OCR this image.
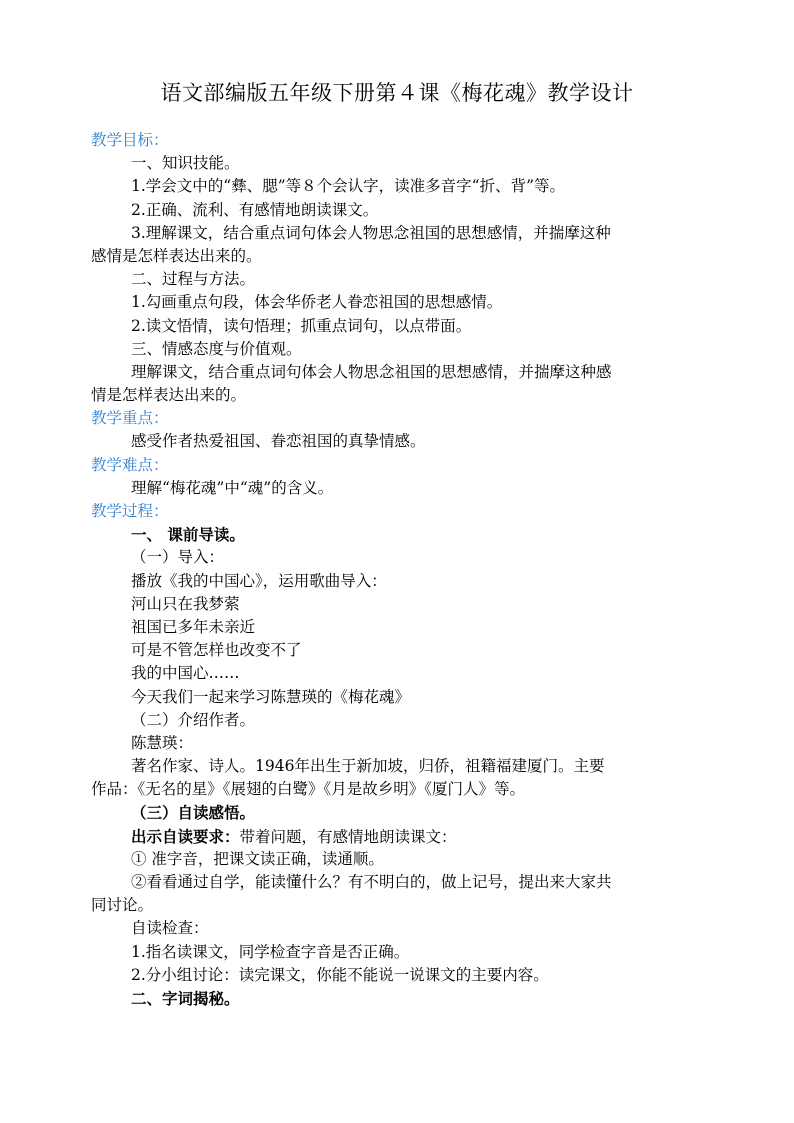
语文部编版五年级下册第４课《梅花魂》教学设计
教学目标：
一、知识技能。
1.学会文中的“彝、腮”等８个会认字，读准多音字“折、背”等。
2.正确、流利、有感情地朗读课文。
3.理解课文，结合重点词句体会人物思念祖国的思想感情，并揣摩这种
感情是怎样表达出来的。
二、过程与方法。
1.勾画重点句段，体会华侨老人眷恋祖国的思想感情。
2.读文悟情，读句悟理；抓重点词句，以点带面。
三、情感态度与价值观。
理解课文，结合重点词句体会人物思念祖国的思想感情，并揣摩这种感
情是怎样表达出来的。
教学重点：
感受作者热爱祖国、眷恋祖国的真挚情感。
教学难点：
理解“梅花魂”中“魂”的含义。
教学过程：
一、 课前导读。
（一）导入：
播放《我的中国心》，运用歌曲导入：
河山只在我梦萦
祖国已多年未亲近
可是不管怎样也改变不了
我的中国心……
今天我们一起来学习陈慧瑛的《梅花魂》
（二）介绍作者。
陈慧瑛：
著名作家、诗人。1946年出生于新加坡，归侨，祖籍福建厦门。主要
作品：《无名的星》《展翅的白鹭》《月是故乡明》《厦门人》等。
（三）自读感悟。
出示自读要求：带着问题，有感情地朗读课文：
① 准字音，把课文读正确，读通顺。
②看看通过自学，能读懂什么？有不明白的，做上记号，提出来大家共
同讨论。
自读检查：
1.指名读课文，同学检查字音是否正确。
2.分小组讨论：读完课文，你能不能说一说课文的主要内容。
二、字词揭秘。
